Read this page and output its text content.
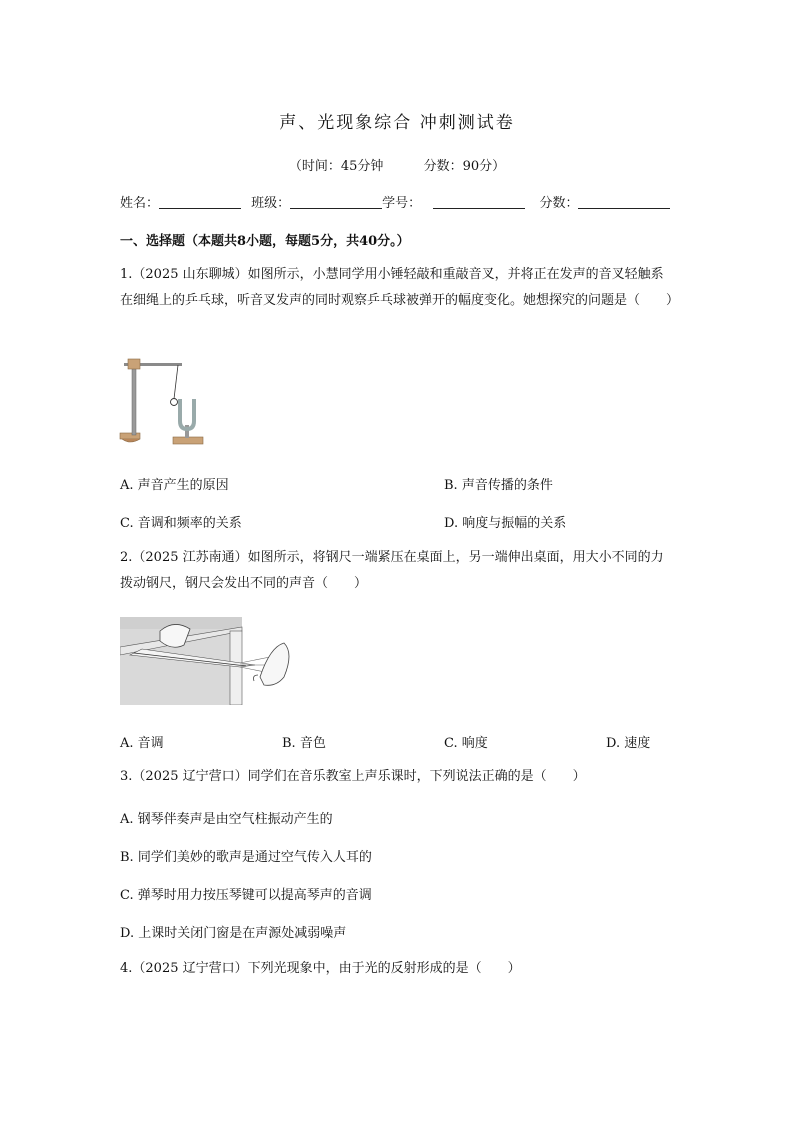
声、光现象综合 冲刺测试卷
（时间：45分钟	分数：90分）
姓名：	班级：	学号：	分数：
一、选择题（本题共8小题，每题5分，共40分。）
1.（2025 山东聊城）如图所示，小慧同学用小锤轻敲和重敲音叉，并将正在发声的音叉轻触系在细绳上的乒乓球，听音叉发声的同时观察乒乓球被弹开的幅度变化。她想探究的问题是（　　）
A. 声音产生的原因	B. 声音传播的条件
C. 音调和频率的关系	D. 响度与振幅的关系
2.（2025 江苏南通）如图所示，将钢尺一端紧压在桌面上，另一端伸出桌面，用大小不同的力拨动钢尺，钢尺会发出不同的声音（　　）
A. 音调	B. 音色	C. 响度	D. 速度
3.（2025 辽宁营口）同学们在音乐教室上声乐课时，下列说法正确的是（　　）
A. 钢琴伴奏声是由空气柱振动产生的
B. 同学们美妙的歌声是通过空气传入人耳的
C. 弹琴时用力按压琴键可以提高琴声的音调
D. 上课时关闭门窗是在声源处减弱噪声
4.（2025 辽宁营口）下列光现象中，由于光的反射形成的是（　　）
